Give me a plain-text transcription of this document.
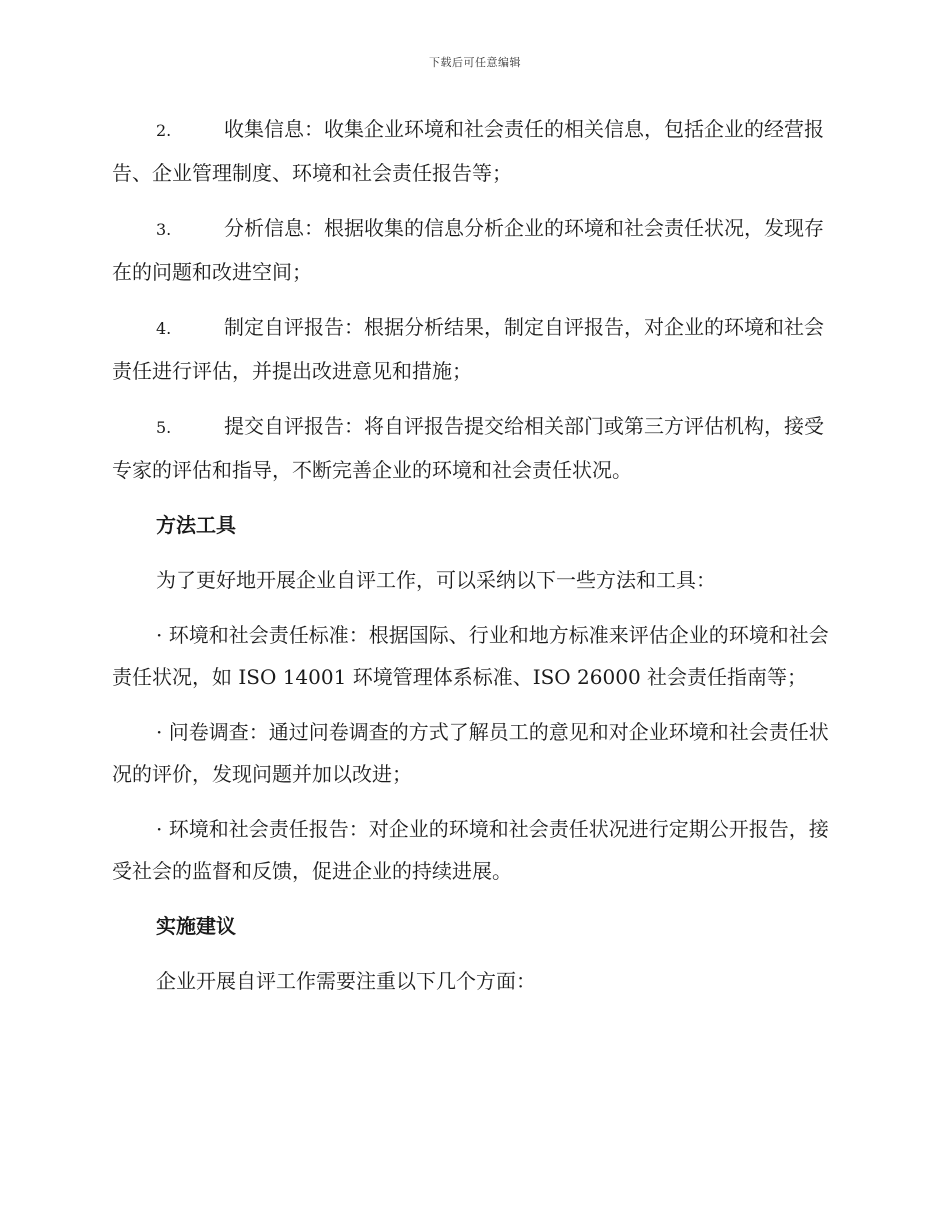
下载后可任意编辑

2.	收集信息：收集企业环境和社会责任的相关信息，包括企业的经营报告、企业管理制度、环境和社会责任报告等；

3.	分析信息：根据收集的信息分析企业的环境和社会责任状况，发现存在的问题和改进空间；

4.	制定自评报告：根据分析结果，制定自评报告，对企业的环境和社会责任进行评估，并提出改进意见和措施；

5.	提交自评报告：将自评报告提交给相关部门或第三方评估机构，接受专家的评估和指导，不断完善企业的环境和社会责任状况。

方法工具

为了更好地开展企业自评工作，可以采纳以下一些方法和工具：

· 环境和社会责任标准：根据国际、行业和地方标准来评估企业的环境和社会责任状况，如 ISO 14001 环境管理体系标准、ISO 26000 社会责任指南等；

· 问卷调查：通过问卷调查的方式了解员工的意见和对企业环境和社会责任状况的评价，发现问题并加以改进；

· 环境和社会责任报告：对企业的环境和社会责任状况进行定期公开报告，接受社会的监督和反馈，促进企业的持续进展。

实施建议

企业开展自评工作需要注重以下几个方面：
